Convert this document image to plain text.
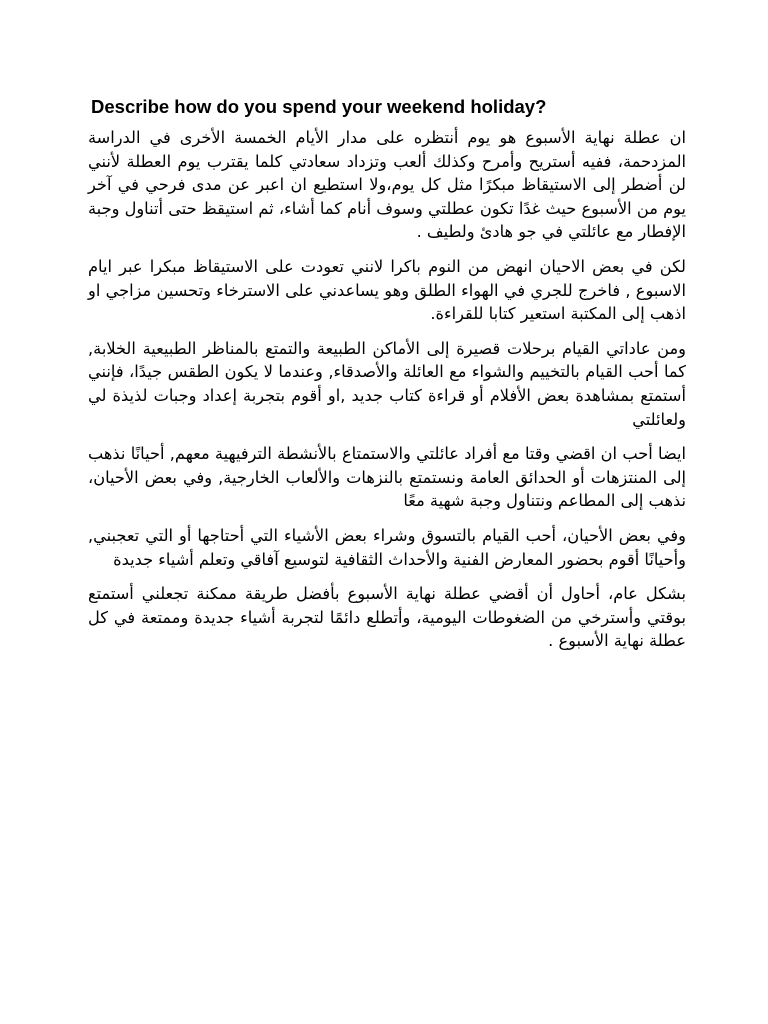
Describe how do you spend your weekend holiday?

ان عطلة نهاية الأسبوع هو يوم أنتظره على مدار الأيام الخمسة الأخرى في الدراسة المزدحمة، ففيه أستريح وأمرح وكذلك ألعب وتزداد سعادتي كلما يقترب يوم العطلة لأنني لن أضطر إلى الاستيقاظ مبكرًا مثل كل يوم،ولا استطيع ان اعبر عن مدى فرحي في آخر يوم من الأسبوع حيث غدًا تكون عطلتي وسوف أنام كما أشاء، ثم استيقظ حتى أتناول وجبة الإفطار مع عائلتي في جو هادئ ولطيف .

لكن في بعض الاحيان انهض من النوم باكرا لانني تعودت على الاستيقاظ مبكرا عبر ايام الاسبوع , فاخرج للجري في الهواء الطلق وهو يساعدني على الاسترخاء وتحسين مزاجي او اذهب إلى المكتبة استعير كتابا للقراءة.

ومن عاداتي القيام برحلات قصيرة إلى الأماكن الطبيعة والتمتع بالمناظر الطبيعية الخلابة, كما أحب القيام بالتخييم والشواء مع العائلة والأصدقاء, وعندما لا يكون الطقس جيدًا، فإنني أستمتع بمشاهدة بعض الأفلام أو قراءة كتاب جديد ,او أقوم بتجربة إعداد وجبات لذيذة لي ولعائلتي

ايضا أحب ان اقضي وقتا مع أفراد عائلتي والاستمتاع بالأنشطة الترفيهية معهم, أحيانًا نذهب إلى المنتزهات أو الحدائق العامة ونستمتع بالنزهات والألعاب الخارجية, وفي بعض الأحيان، نذهب إلى المطاعم ونتناول وجبة شهية معًا

وفي بعض الأحيان، أحب القيام بالتسوق وشراء بعض الأشياء التي أحتاجها أو التي تعجبني, وأحيانًا أقوم بحضور المعارض الفنية والأحداث الثقافية لتوسيع آفاقي وتعلم أشياء جديدة

بشكل عام، أحاول أن أقضي عطلة نهاية الأسبوع بأفضل طريقة ممكنة تجعلني أستمتع بوقتي وأسترخي من الضغوطات اليومية، وأتطلع دائمًا لتجربة أشياء جديدة وممتعة في كل عطلة نهاية الأسبوع .
